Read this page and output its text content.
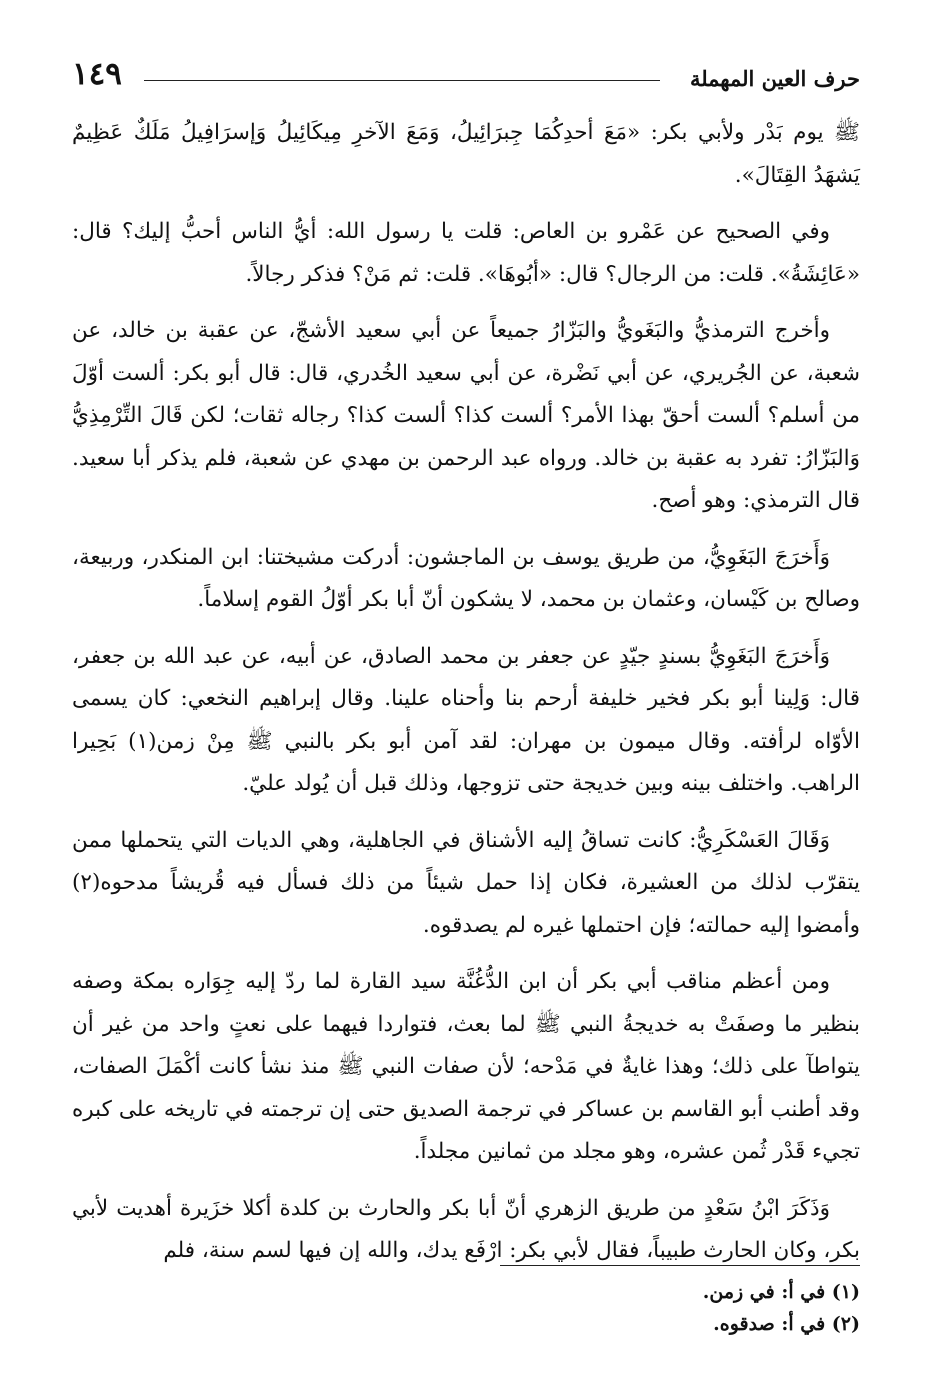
حرف العين المهملة
١٤٩

ﷺ يوم بَدْر ولأبي بكر: «مَعَ أحدِكُمَا جِبرَائِيلُ، وَمَعَ الآخرِ مِيكَائِيلُ وَإسرَافِيلُ مَلَكٌ عَظِيمٌ يَشهَدُ القِتَالَ».

وفي الصحيح عن عَمْرو بن العاص: قلت يا رسول الله: أيُّ الناس أحبُّ إليك؟ قال: «عَائِشَةُ». قلت: من الرجال؟ قال: «أبُوهَا». قلت: ثم مَنْ؟ فذكر رجالاً.

وأخرج الترمذيُّ والبَغَويُّ والبَزّارُ جميعاً عن أبي سعيد الأشجّ، عن عقبة بن خالد، عن شعبة، عن الجُريري، عن أبي نَضْرة، عن أبي سعيد الخُدري، قال: قال أبو بكر: ألست أوّلَ من أسلم؟ ألست أحقّ بهذا الأمر؟ ألست كذا؟ ألست كذا؟ رجاله ثقات؛ لكن قَالَ التِّرْمِذِيُّ وَالبَزّارُ: تفرد به عقبة بن خالد. ورواه عبد الرحمن بن مهدي عن شعبة، فلم يذكر أبا سعيد. قال الترمذي: وهو أصح.

وَأَخرَجَ البَغَوِيُّ، من طريق يوسف بن الماجشون: أدركت مشيختنا: ابن المنكدر، وربيعة، وصالح بن كَيْسان، وعثمان بن محمد، لا يشكون أنّ أبا بكر أوّلُ القوم إسلاماً.

وَأَخرَجَ البَغَوِيُّ بسندٍ جيّدٍ عن جعفر بن محمد الصادق، عن أبيه، عن عبد الله بن جعفر، قال: وَلِينا أبو بكر فخير خليفة أرحم بنا وأحناه علينا. وقال إبراهيم النخعي: كان يسمى الأوّاه لرأفته. وقال ميمون بن مهران: لقد آمن أبو بكر بالنبي ﷺ مِنْ زمن(١) بَحِيرا الراهب. واختلف بينه وبين خديجة حتى تزوجها، وذلك قبل أن يُولد عليّ.

وَقَالَ العَسْكَرِيُّ: كانت تساقُ إليه الأشناق في الجاهلية، وهي الديات التي يتحملها ممن يتقرّب لذلك من العشيرة، فكان إذا حمل شيئاً من ذلك فسأل فيه قُريشاً مدحوه(٢) وأمضوا إليه حمالته؛ فإن احتملها غيره لم يصدقوه.

ومن أعظم مناقب أبي بكر أن ابن الدُّغُنَّة سيد القارة لما ردّ إليه جِوَاره بمكة وصفه بنظير ما وصفَتْ به خديجةُ النبي ﷺ لما بعث، فتواردا فيهما على نعتٍ واحد من غير أن يتواطآ على ذلك؛ وهذا غايةٌ في مَدْحه؛ لأن صفات النبي ﷺ منذ نشأ كانت أكْمَلَ الصفات، وقد أطنب أبو القاسم بن عساكر في ترجمة الصديق حتى إن ترجمته في تاريخه على كبره تجيء قَدْر ثُمن عشره، وهو مجلد من ثمانين مجلداً.

وَذَكَرَ ابْنُ سَعْدٍ من طريق الزهري أنّ أبا بكر والحارث بن كلدة أكلا خزَيرة أهديت لأبي بكر، وكان الحارث طبيباً، فقال لأبي بكر: ارْفَع يدك، والله إن فيها لسم سنة، فلم

(١) في أ: في زمن.

(٢) في أ: صدقوه.
